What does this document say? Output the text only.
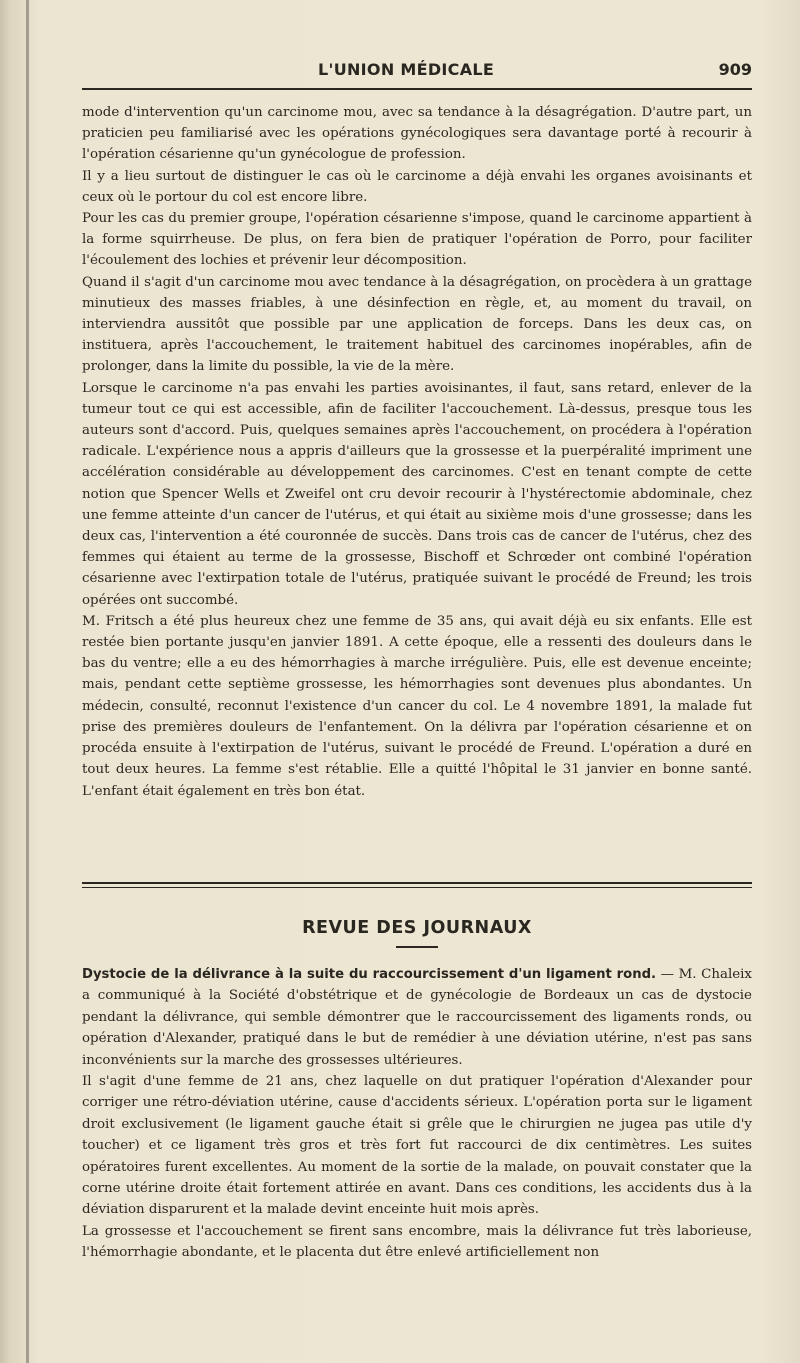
L'UNION MÉDICALE	909

mode d'intervention qu'un carcinome mou, avec sa tendance à la désagrégation. D'autre part, un praticien peu familiarisé avec les opérations gynécologiques sera davantage porté à recourir à l'opération césarienne qu'un gynécologue de profession.

Il y a lieu surtout de distinguer le cas où le carcinome a déjà envahi les organes avoisinants et ceux où le portour du col est encore libre.

Pour les cas du premier groupe, l'opération césarienne s'impose, quand le carcinome appartient à la forme squirrheuse. De plus, on fera bien de pratiquer l'opération de Porro, pour faciliter l'écoulement des lochies et prévenir leur décomposition.

Quand il s'agit d'un carcinome mou avec tendance à la désagrégation, on procèdera à un grattage minutieux des masses friables, à une désinfection en règle, et, au moment du travail, on interviendra aussitôt que possible par une application de forceps. Dans les deux cas, on instituera, après l'accouchement, le traitement habituel des carcinomes inopérables, afin de prolonger, dans la limite du possible, la vie de la mère.

Lorsque le carcinome n'a pas envahi les parties avoisinantes, il faut, sans retard, enlever de la tumeur tout ce qui est accessible, afin de faciliter l'accouchement. Là-dessus, presque tous les auteurs sont d'accord. Puis, quelques semaines après l'accouchement, on procédera à l'opération radicale. L'expérience nous a appris d'ailleurs que la grossesse et la puerpéralité impriment une accélération considérable au développement des carcinomes. C'est en tenant compte de cette notion que Spencer Wells et Zweifel ont cru devoir recourir à l'hystérectomie abdominale, chez une femme atteinte d'un cancer de l'utérus, et qui était au sixième mois d'une grossesse; dans les deux cas, l'intervention a été couronnée de succès. Dans trois cas de cancer de l'utérus, chez des femmes qui étaient au terme de la grossesse, Bischoff et Schrœder ont combiné l'opération césarienne avec l'extirpation totale de l'utérus, pratiquée suivant le procédé de Freund; les trois opérées ont succombé.

M. Fritsch a été plus heureux chez une femme de 35 ans, qui avait déjà eu six enfants. Elle est restée bien portante jusqu'en janvier 1891. A cette époque, elle a ressenti des douleurs dans le bas du ventre; elle a eu des hémorrhagies à marche irrégulière. Puis, elle est devenue enceinte; mais, pendant cette septième grossesse, les hémorrhagies sont devenues plus abondantes. Un médecin, consulté, reconnut l'existence d'un cancer du col. Le 4 novembre 1891, la malade fut prise des premières douleurs de l'enfantement. On la délivra par l'opération césarienne et on procéda ensuite à l'extirpation de l'utérus, suivant le procédé de Freund. L'opération a duré en tout deux heures. La femme s'est rétablie. Elle a quitté l'hôpital le 31 janvier en bonne santé. L'enfant était également en très bon état.

REVUE DES JOURNAUX

Dystocie de la délivrance à la suite du raccourcissement d'un ligament rond. — M. Chaleix a communiqué à la Société d'obstétrique et de gynécologie de Bordeaux un cas de dystocie pendant la délivrance, qui semble démontrer que le raccourcissement des ligaments ronds, ou opération d'Alexander, pratiqué dans le but de remédier à une déviation utérine, n'est pas sans inconvénients sur la marche des grossesses ultérieures.

Il s'agit d'une femme de 21 ans, chez laquelle on dut pratiquer l'opération d'Alexander pour corriger une rétro-déviation utérine, cause d'accidents sérieux. L'opération porta sur le ligament droit exclusivement (le ligament gauche était si grêle que le chirurgien ne jugea pas utile d'y toucher) et ce ligament très gros et très fort fut raccourci de dix centimètres. Les suites opératoires furent excellentes. Au moment de la sortie de la malade, on pouvait constater que la corne utérine droite était fortement attirée en avant. Dans ces conditions, les accidents dus à la déviation disparurent et la malade devint enceinte huit mois après.

La grossesse et l'accouchement se firent sans encombre, mais la délivrance fut très laborieuse, l'hémorrhagie abondante, et le placenta dut être enlevé artificiellement non
